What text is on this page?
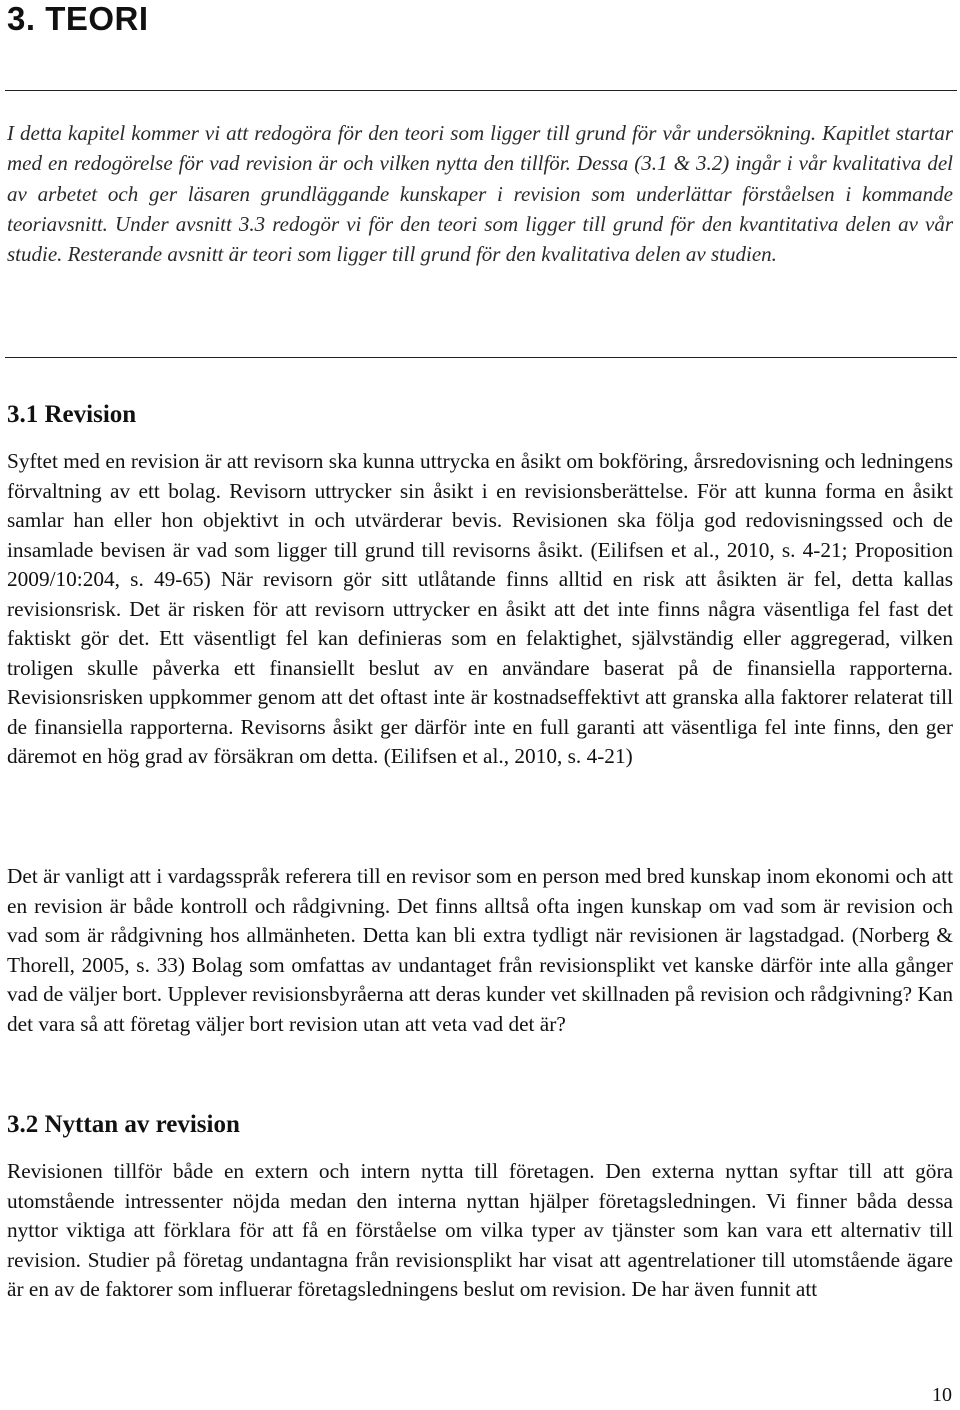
3. TEORI

I detta kapitel kommer vi att redogöra för den teori som ligger till grund för vår undersökning. Kapitlet startar med en redogörelse för vad revision är och vilken nytta den tillför. Dessa (3.1 & 3.2) ingår i vår kvalitativa del av arbetet och ger läsaren grundläggande kunskaper i revision som underlättar förståelsen i kommande teoriavsnitt. Under avsnitt 3.3 redogör vi för den teori som ligger till grund för den kvantitativa delen av vår studie. Resterande avsnitt är teori som ligger till grund för den kvalitativa delen av studien.

3.1 Revision

Syftet med en revision är att revisorn ska kunna uttrycka en åsikt om bokföring, årsredovisning och ledningens förvaltning av ett bolag. Revisorn uttrycker sin åsikt i en revisionsberättelse. För att kunna forma en åsikt samlar han eller hon objektivt in och utvärderar bevis. Revisionen ska följa god redovisningssed och de insamlade bevisen är vad som ligger till grund till revisorns åsikt. (Eilifsen et al., 2010, s. 4-21; Proposition 2009/10:204, s. 49-65) När revisorn gör sitt utlåtande finns alltid en risk att åsikten är fel, detta kallas revisionsrisk. Det är risken för att revisorn uttrycker en åsikt att det inte finns några väsentliga fel fast det faktiskt gör det. Ett väsentligt fel kan definieras som en felaktighet, självständig eller aggregerad, vilken troligen skulle påverka ett finansiellt beslut av en användare baserat på de finansiella rapporterna. Revisionsrisken uppkommer genom att det oftast inte är kostnadseffektivt att granska alla faktorer relaterat till de finansiella rapporterna. Revisorns åsikt ger därför inte en full garanti att väsentliga fel inte finns, den ger däremot en hög grad av försäkran om detta. (Eilifsen et al., 2010, s. 4-21)

Det är vanligt att i vardagsspråk referera till en revisor som en person med bred kunskap inom ekonomi och att en revision är både kontroll och rådgivning. Det finns alltså ofta ingen kunskap om vad som är revision och vad som är rådgivning hos allmänheten. Detta kan bli extra tydligt när revisionen är lagstadgad. (Norberg & Thorell, 2005, s. 33) Bolag som omfattas av undantaget från revisionsplikt vet kanske därför inte alla gånger vad de väljer bort. Upplever revisionsbyråerna att deras kunder vet skillnaden på revision och rådgivning? Kan det vara så att företag väljer bort revision utan att veta vad det är?

3.2 Nyttan av revision

Revisionen tillför både en extern och intern nytta till företagen. Den externa nyttan syftar till att göra utomstående intressenter nöjda medan den interna nyttan hjälper företagsledningen. Vi finner båda dessa nyttor viktiga att förklara för att få en förståelse om vilka typer av tjänster som kan vara ett alternativ till revision. Studier på företag undantagna från revisionsplikt har visat att agentrelationer till utomstående ägare är en av de faktorer som influerar företagsledningens beslut om revision. De har även funnit att

10
